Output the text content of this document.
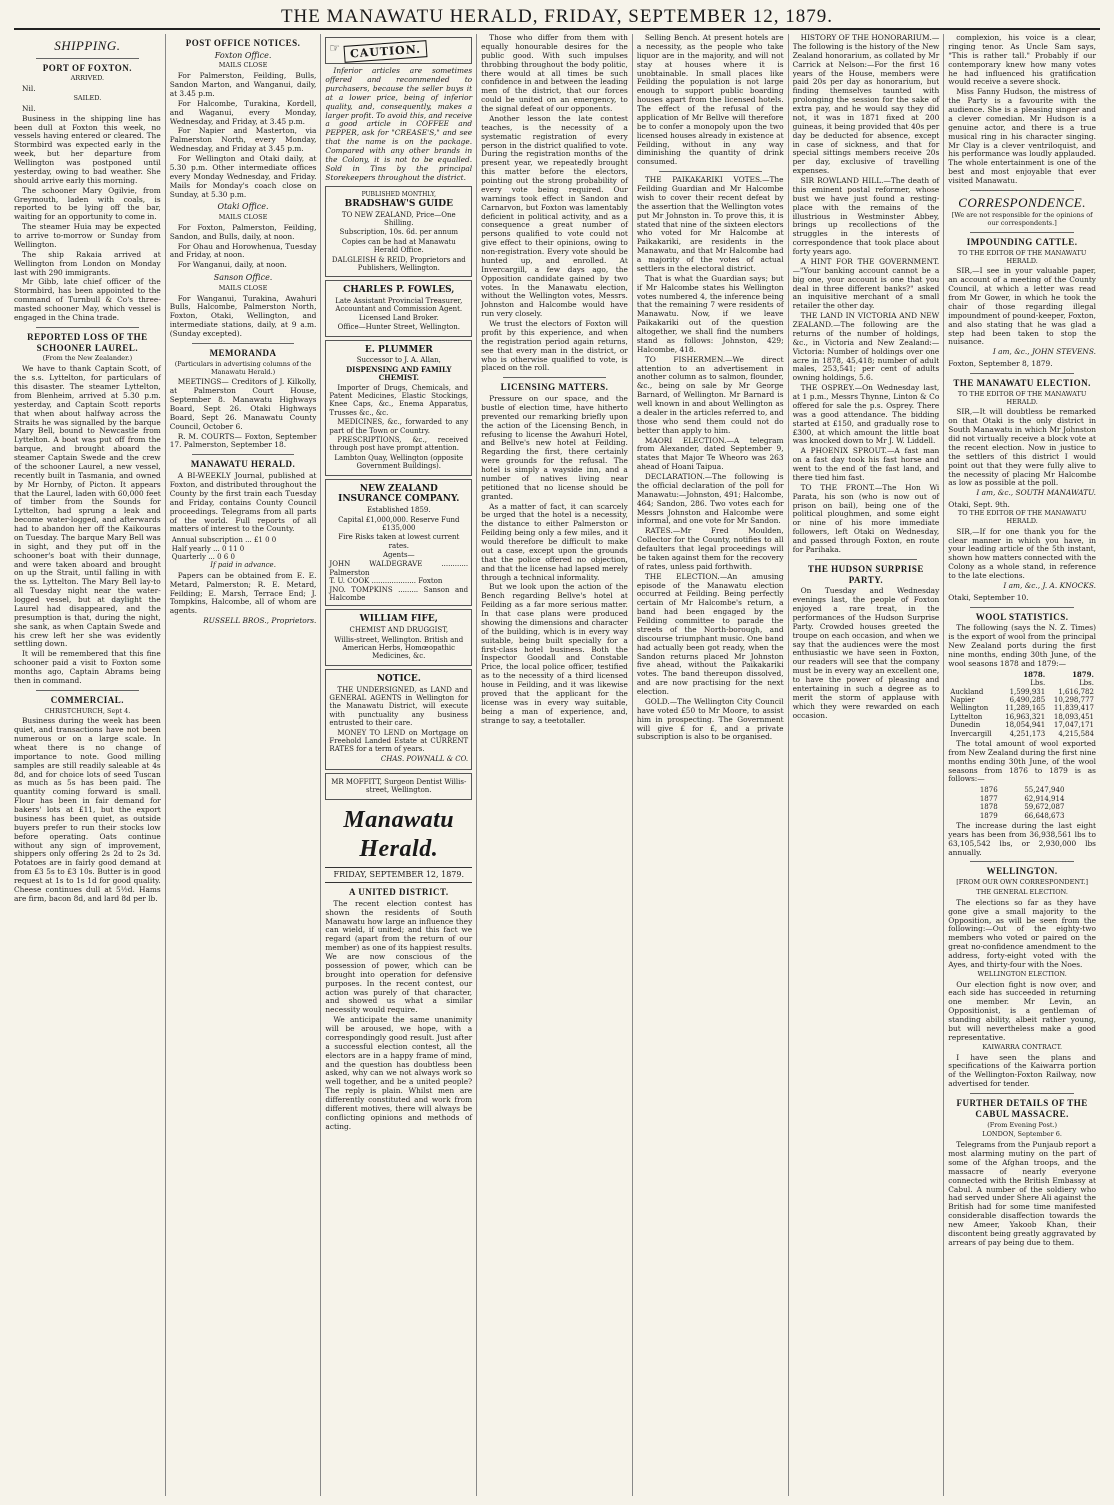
THE MANAWATU HERALD, FRIDAY, SEPTEMBER 12, 1879.
SHIPPING.
PORT OF FOXTON.
ARRIVED.

Nil.

SAILED.

Nil.

Business in the shipping line has been dull at Foxton this week, no vessels having entered or cleared. The Stormbird was expected early in the week, but her departure from Wellington was postponed until yesterday, owing to bad weather. She should arrive early this morning.

The schooner Mary Ogilvie, from Greymouth, laden with coals, is reported to be lying off the bar, waiting for an opportunity to come in.

The steamer Huia may be expected to arrive to-morrow or Sunday from Wellington.

The ship Rakaia arrived at Wellington from London on Monday last with 290 immigrants.

Mr Gibb, late chief officer of the Stormbird, has been appointed to the command of Turnbull & Co's three-masted schooner May, which vessel is engaged in the China trade.

REPORTED LOSS OF THE SCHOONER LAUREL.
(From the New Zealander.)

We have to thank Captain Scott, of the s.s. Lyttelton, for particulars of this disaster. The steamer Lyttelton, from Blenheim, arrived at 5.30 p.m. yesterday, and Captain Scott reports that when about halfway across the Straits he was signalled by the barque Mary Bell, bound to Newcastle from Lyttelton. A boat was put off from the barque, and brought aboard the steamer Captain Swede and the crew of the schooner Laurel, a new vessel, recently built in Tasmania, and owned by Mr Hornby, of Picton. It appears that the Laurel, laden with 60,000 feet of timber from the Sounds for Lyttelton, had sprung a leak and become water-logged, and afterwards had to abandon her off the Kaikouras on Tuesday. The barque Mary Bell was in sight, and they put off in the schooner's boat with their dunnage, and were taken aboard and brought on up the Strait, until falling in with the ss. Lyttelton. The Mary Bell lay-to all Tuesday night near the water-logged vessel, but at daylight the Laurel had disappeared, and the presumption is that, during the night, she sank, as when Captain Swede and his crew left her she was evidently settling down.

It will be remembered that this fine schooner paid a visit to Foxton some months ago, Captain Abrams being then in command.

COMMERCIAL.
CHRISTCHURCH, Sept 4.

Business during the week has been quiet, and transactions have not been numerous or on a large scale. In wheat there is no change of importance to note. Good milling samples are still readily saleable at 4s 8d, and for choice lots of seed Tuscan as much as 5s has been paid. The quantity coming forward is small. Flour has been in fair demand for bakers' lots at £11, but the export business has been quiet, as outside buyers prefer to run their stocks low before operating. Oats continue without any sign of improvement, shippers only offering 2s 2d to 2s 3d. Potatoes are in fairly good demand at from £3 5s to £3 10s. Butter is in good request at 1s to 1s 1d for good quality. Cheese continues dull at 5½d. Hams are firm, bacon 8d, and lard 8d per lb.

POST OFFICE NOTICES.
Foxton Office.
MAILS CLOSE

For Palmerston, Feilding, Bulls, Sandon Marton, and Wanganui, daily, at 3.45 p.m.

For Halcombe, Turakina, Kordell, and Waganui, every Monday, Wednesday, and Friday, at 3.45 p.m.

For Napier and Masterton, via Palmerston North, every Monday, Wednesday, and Friday at 3.45 p.m.

For Wellington and Otaki daily, at 5.30 p.m. Other intermediate offices every Monday Wednesday, and Friday. Mails for Monday's coach close on Sunday, at 5.30 p.m.

Otaki Office.
MAILS CLOSE

For Foxton, Palmerston, Feilding, Sandon, and Bulls, daily, at noon.

For Ohau and Horowhenua, Tuesday and Friday, at noon.

For Wanganui, daily, at noon.

Sanson Office.
MAILS CLOSE

For Wanganui, Turakina, Awahuri Bulls, Halcombe, Palmerston North, Foxton, Otaki, Wellington, and intermediate stations, daily, at 9 a.m. (Sunday excepted).

MEMORANDA
(Particulars in advertising columns of the Manawatu Herald.)

MEETINGS— Creditors of J. Kilkolly, at Palmerston Court House, September 8. Manawatu Highways Board, Sept 26. Otaki Highways Board, Sept 26. Manawatu County Council, October 6.

R. M. COURTS— Foxton, September 17. Palmerston, September 18.

MANAWATU HERALD.

A BI-WEEKLY Journal, published at Foxton, and distributed throughout the County by the first train each Tuesday and Friday, contains County Council proceedings. Telegrams from all parts of the world. Full reports of all matters of interest to the County.

Annual subscription ... £1 0 0
Half yearly ... 0 11 0
Quarterly ... 0 6 0
If paid in advance.

Papers can be obtained from E. E. Metard, Palmerston; R. E. Metard, Feilding; E. Marsh, Terrace End; J. Tompkins, Halcombe, all of whom are agents.

RUSSELL BROS., Proprietors.
☞ CAUTION.

Inferior articles are sometimes offered and recommended to purchasers, because the seller buys it at a lower price, being of inferior quality, and, consequently, makes a larger profit. To avoid this, and receive a good article in COFFEE and PEPPER, ask for "CREASE'S," and see that the name is on the package. Compared with any other brands in the Colony, it is not to be equalled. Sold in Tins by the principal Storekeepers throughout the district.

PUBLISHED MONTHLY,
BRADSHAW'S GUIDE
TO NEW ZEALAND, Price—One Shilling.
Subscription, 10s. 6d. per annum
Copies can be had at Manawatu Herald Office.
DALGLEISH & REID, Proprietors and Publishers, Wellington.
CHARLES P. FOWLES,
Late Assistant Provincial Treasurer, Accountant and Commission Agent. Licensed Land Broker.
Office—Hunter Street, Wellington.
E. PLUMMER
Successor to J. A. Allan,
DISPENSING AND FAMILY CHEMIST.

Importer of Drugs, Chemicals, and Patent Medicines, Elastic Stockings, Knee Caps, &c., Enema Apparatus, Trusses &c., &c.

MEDICINES, &c., forwarded to any part of the Town or Country.

PRESCRIPTIONS, &c., received through post have prompt attention.

Lambton Quay, Wellington (opposite Government Buildings).
NEW ZEALAND INSURANCE COMPANY.
Established 1859.
Capital £1,000,000. Reserve Fund £135,000
Fire Risks taken at lowest current rates.
Agents—
JOHN WALDEGRAVE ............ Palmerston
T. U. COOK .................... Foxton
JNO. TOMPKINS ......... Sanson and Halcombe
WILLIAM FIFE,
CHEMIST AND DRUGGIST,
Willis-street, Wellington. British and American Herbs, Homœopathic Medicines, &c.
NOTICE.

THE UNDERSIGNED, as LAND and GENERAL AGENTS in Wellington for the Manawatu District, will execute with punctuality any business entrusted to their care.

MONEY TO LEND on Mortgage on Freehold Landed Estate at CURRENT RATES for a term of years.

CHAS. POWNALL & CO.
MR MOFFITT, Surgeon Dentist Willis-street, Wellington.
Manawatu Herald.
FRIDAY, SEPTEMBER 12, 1879.
A UNITED DISTRICT.

The recent election contest has shown the residents of South Manawatu how large an influence they can wield, if united; and this fact we regard (apart from the return of our member) as one of its happiest results. We are now conscious of the possession of power, which can be brought into operation for defensive purposes. In the recent contest, our action was purely of that character, and showed us what a similar necessity would require.

We anticipate the same unanimity will be aroused, we hope, with a correspondingly good result. Just after a successful election contest, all the electors are in a happy frame of mind, and the question has doubtless been asked, why can we not always work so well together, and be a united people? The reply is plain. Whilst men are differently constituted and work from different motives, there will always be conflicting opinions and methods of acting.

Those who differ from them with equally honourable desires for the public good. With such impulses throbbing throughout the body politic, there would at all times be such confidence in and between the leading men of the district, that our forces could be united on an emergency, to the signal defeat of our opponents.

Another lesson the late contest teaches, is the necessity of a systematic registration of every person in the district qualified to vote. During the registration months of the present year, we repeatedly brought this matter before the electors, pointing out the strong probability of every vote being required. Our warnings took effect in Sandon and Carnarvon, but Foxton was lamentably deficient in political activity, and as a consequence a great number of persons qualified to vote could not give effect to their opinions, owing to non-registration. Every vote should be hunted up, and enrolled. At Invercargill, a few days ago, the Opposition candidate gained by two votes. In the Manawatu election, without the Wellington votes, Messrs. Johnston and Halcombe would have run very closely.

We trust the electors of Foxton will profit by this experience, and when the registration period again returns, see that every man in the district, or who is otherwise qualified to vote, is placed on the roll.

LICENSING MATTERS.

Pressure on our space, and the bustle of election time, have hitherto prevented our remarking briefly upon the action of the Licensing Bench, in refusing to license the Awahuri Hotel, and Bellve's new hotel at Feilding. Regarding the first, there certainly were grounds for the refusal. The hotel is simply a wayside inn, and a number of natives living near petitioned that no license should be granted.

As a matter of fact, it can scarcely be urged that the hotel is a necessity, the distance to either Palmerston or Feilding being only a few miles, and it would therefore be difficult to make out a case, except upon the grounds that the police offered no objection, and that the license had lapsed merely through a technical informality.

But we look upon the action of the Bench regarding Bellve's hotel at Feilding as a far more serious matter. In that case plans were produced showing the dimensions and character of the building, which is in every way suitable, being built specially for a first-class hotel business. Both the Inspector Goodall and Constable Price, the local police officer, testified as to the necessity of a third licensed house in Feilding, and it was likewise proved that the applicant for the license was in every way suitable, being a man of experience, and, strange to say, a teetotaller.

Selling Bench. At present hotels are a necessity, as the people who take liquor are in the majority, and will not stay at houses where it is unobtainable. In small places like Feilding the population is not large enough to support public boarding houses apart from the licensed hotels. The effect of the refusal of the application of Mr Bellve will therefore be to confer a monopoly upon the two licensed houses already in existence at Feilding, without in any way diminishing the quantity of drink consumed.

THE PAIKAKARIKI VOTES.—The Feilding Guardian and Mr Halcombe wish to cover their recent defeat by the assertion that the Wellington votes put Mr Johnston in. To prove this, it is stated that nine of the sixteen electors who voted for Mr Halcombe at Paikakariki, are residents in the Manawatu, and that Mr Halcombe had a majority of the votes of actual settlers in the electoral district.

That is what the Guardian says; but if Mr Halcombe states his Wellington votes numbered 4, the inference being that the remaining 7 were residents of Manawatu. Now, if we leave Paikakariki out of the question altogether, we shall find the numbers stand as follows: Johnston, 429; Halcombe, 418.

TO FISHERMEN.—We direct attention to an advertisement in another column as to salmon, flounder, &c., being on sale by Mr George Barnard, of Wellington. Mr Barnard is well known in and about Wellington as a dealer in the articles referred to, and those who send them could not do better than apply to him.

MAORI ELECTION.—A telegram from Alexander, dated September 9, states that Major Te Wheoro was 263 ahead of Hoani Taipua.

DECLARATION.—The following is the official declaration of the poll for Manawatu:—Johnston, 491; Halcombe, 464; Sandon, 286. Two votes each for Messrs Johnston and Halcombe were informal, and one vote for Mr Sandon.

RATES.—Mr Fred Moulden, Collector for the County, notifies to all defaulters that legal proceedings will be taken against them for the recovery of rates, unless paid forthwith.

THE ELECTION.—An amusing episode of the Manawatu election occurred at Feilding. Being perfectly certain of Mr Halcombe's return, a band had been engaged by the Feilding committee to parade the streets of the North-borough, and discourse triumphant music. One band had actually been got ready, when the Sandon returns placed Mr Johnston five ahead, without the Paikakariki votes. The band thereupon dissolved, and are now practising for the next election.

GOLD.—The Wellington City Council have voted £50 to Mr Moore, to assist him in prospecting. The Government will give £ for £, and a private subscription is also to be organised.

HISTORY OF THE HONORARIUM.—The following is the history of the New Zealand honorarium, as collated by Mr Carrick at Nelson:—For the first 16 years of the House, members were paid 20s per day as honorarium, but finding themselves taunted with prolonging the session for the sake of extra pay, and he would say they did not, it was in 1871 fixed at 200 guineas, it being provided that 40s per day be deducted for absence, except in case of sickness, and that for special sittings members receive 20s per day, exclusive of travelling expenses.

SIR ROWLAND HILL.—The death of this eminent postal reformer, whose bust we have just found a resting-place with the remains of the illustrious in Westminster Abbey, brings up recollections of the struggles in the interests of correspondence that took place about forty years ago.

A HINT FOR THE GOVERNMENT.—"Your banking account cannot be a big one, your account is one that you deal in three different banks?" asked an inquisitive merchant of a small retailer the other day.

THE LAND IN VICTORIA AND NEW ZEALAND.—The following are the returns of the number of holdings, &c., in Victoria and New Zealand:—Victoria: Number of holdings over one acre in 1878, 45,418; number of adult males, 253,541; per cent of adults owning holdings, 5.6.

THE OSPREY.—On Wednesday last, at 1 p.m., Messrs Thynne, Linton & Co offered for sale the p.s. Osprey. There was a good attendance. The bidding started at £150, and gradually rose to £300, at which amount the little boat was knocked down to Mr J. W. Liddell.

A PHOENIX SPROUT.—A fast man on a fast day took his fast horse and went to the end of the fast land, and there tied him fast.

TO THE FRONT.—The Hon Wi Parata, his son (who is now out of prison on bail), being one of the political ploughmen, and some eight or nine of his more immediate followers, left Otaki on Wednesday, and passed through Foxton, en route for Parihaka.

THE HUDSON SURPRISE PARTY.

On Tuesday and Wednesday evenings last, the people of Foxton enjoyed a rare treat, in the performances of the Hudson Surprise Party. Crowded houses greeted the troupe on each occasion, and when we say that the audiences were the most enthusiastic we have seen in Foxton, our readers will see that the company must be in every way an excellent one, to have the power of pleasing and entertaining in such a degree as to merit the storm of applause with which they were rewarded on each occasion.

complexion, his voice is a clear, ringing tenor. As Uncle Sam says, "This is rather tall." Probably if our contemporary knew how many votes he had influenced his gratification would receive a severe shock.

Miss Fanny Hudson, the mistress of the Party is a favourite with the audience. She is a pleasing singer and a clever comedian. Mr Hudson is a genuine actor, and there is a true musical ring in his character singing. Mr Clay is a clever ventriloquist, and his performance was loudly applauded. The whole entertainment is one of the best and most enjoyable that ever visited Manawatu.

CORRESPONDENCE.
[We are not responsible for the opinions of our correspondents.]
IMPOUNDING CATTLE.
TO THE EDITOR OF THE MANAWATU HERALD.

SIR,—I see in your valuable paper, an account of a meeting of the County Council, at which a letter was read from Mr Gower, in which he took the chair of those regarding illegal impoundment of pound-keeper, Foxton, and also stating that he was glad a step had been taken to stop the nuisance.

I am, &c., JOHN STEVENS.
Foxton, September 8, 1879.
THE MANAWATU ELECTION.
TO THE EDITOR OF THE MANAWATU HERALD.

SIR,—It will doubtless be remarked on that Otaki is the only district in South Manawatu in which Mr Johnston did not virtually receive a block vote at the recent election. Now in justice to the settlers of this district I would point out that they were fully alive to the necessity of placing Mr Halcombe as low as possible at the poll.

I am, &c., SOUTH MANAWATU.
Otaki, Sept. 9th.
TO THE EDITOR OF THE MANAWATU HERALD.

SIR,—If for one thank you for the clear manner in which you have, in your leading article of the 5th instant, shown how matters connected with the Colony as a whole stand, in reference to the late elections.

I am, &c., J. A. KNOCKS.
Otaki, September 10.
WOOL STATISTICS.

The following (says the N. Z. Times) is the export of wool from the principal New Zealand ports during the first nine months, ending 30th June, of the wool seasons 1878 and 1879:—

	1878.	1879.
	Lbs.	Lbs.
Auckland	1,599,931	1,616,782
Napier	6,490,285	10,298,777
Wellington	11,289,165	11,839,417
Lyttelton	16,963,321	18,093,451
Dunedin	18,054,941	17,047,171
Invercargill	4,251,173	4,215,584

The total amount of wool exported from New Zealand during the first nine months ending 30th June, of the wool seasons from 1876 to 1879 is as follows:—

1876	55,247,940
1877	62,914,914
1878	59,672,087
1879	66,648,673

The increase during the last eight years has been from 36,938,561 lbs to 63,105,542 lbs, or 2,930,000 lbs annually.

WELLINGTON.
[FROM OUR OWN CORRESPONDENT.]
THE GENERAL ELECTION.

The elections so far as they have gone give a small majority to the Opposition, as will be seen from the following:—Out of the eighty-two members who voted or paired on the great no-confidence amendment to the address, forty-eight voted with the Ayes, and thirty-four with the Noes.

WELLINGTON ELECTION.

Our election fight is now over, and each side has succeeded in returning one member. Mr Levin, an Oppositionist, is a gentleman of standing ability, albeit rather young, but will nevertheless make a good representative.

KAIWARRA CONTRACT.

I have seen the plans and specifications of the Kaiwarra portion of the Wellington-Foxton Railway, now advertised for tender.

FURTHER DETAILS OF THE CABUL MASSACRE.
(From Evening Post.)
LONDON, September 6.

Telegrams from the Punjaub report a most alarming mutiny on the part of some of the Afghan troops, and the massacre of nearly everyone connected with the British Embassy at Cabul. A number of the soldiery who had served under Shere Ali against the British had for some time manifested considerable disaffection towards the new Ameer, Yakoob Khan, their discontent being greatly aggravated by arrears of pay being due to them.
